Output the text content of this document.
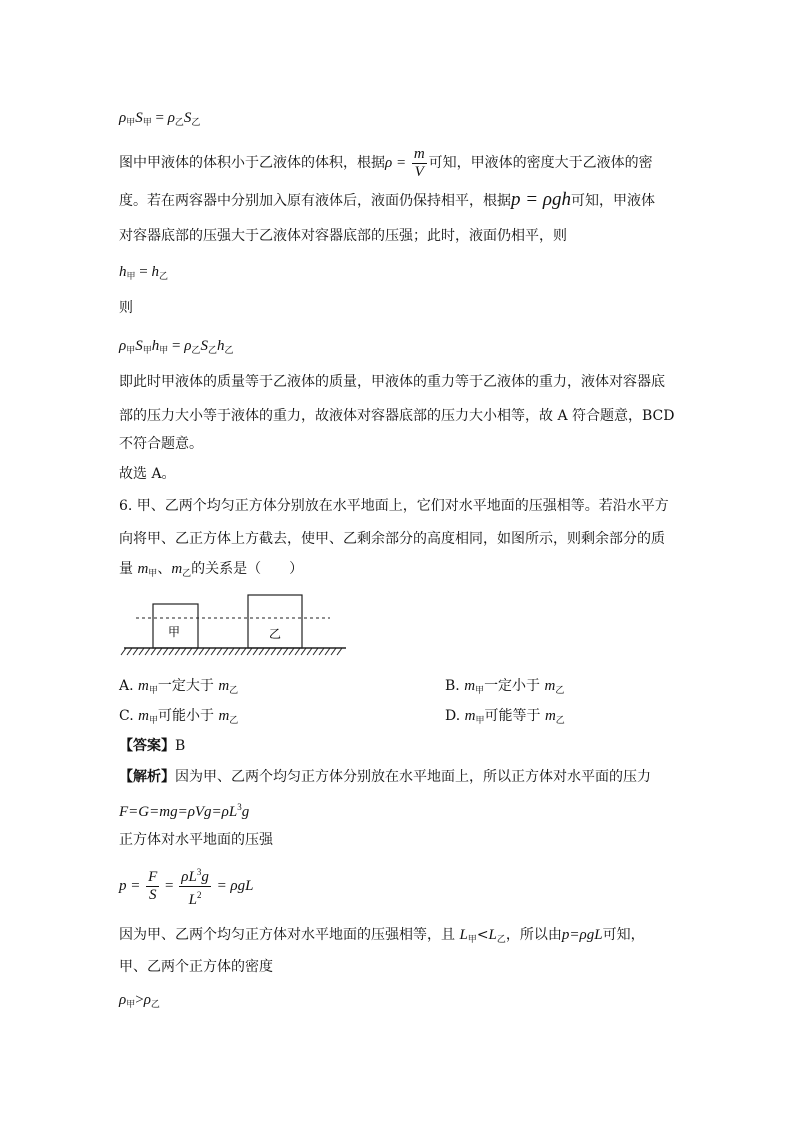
$\rho_甲S_甲 = \rho_乙S_乙$
图中甲液体的体积小于乙液体的体积，根据$\rho = \frac{m}{V}$ 可知，甲液体的密度大于乙液体的密
度。若在两容器中分别加入原有液体后，液面仍保持相平，根据p = ρgh可知，甲液体
对容器底部的压强大于乙液体对容器底部的压强；此时，液面仍相平，则
$h_甲 = h_乙$
则
$\rho_甲S_甲h_甲 = \rho_乙S_乙h_乙$
即此时甲液体的质量等于乙液体的质量，甲液体的重力等于乙液体的重力，液体对容器底
部的压力大小等于液体的重力，故液体对容器底部的压力大小相等，故 A 符合题意，BCD
不符合题意。
故选 A。
6. 甲、乙两个均匀正方体分别放在水平地面上，它们对水平地面的压强相等。若沿水平方
向将甲、乙正方体上方截去，使甲、乙剩余部分的高度相同，如图所示，则剩余部分的质
量 $m_甲$、$m_乙$的关系是（　　）
甲	乙
A. $m_甲$一定大于 $m_乙$	B. $m_甲$一定小于 $m_乙$
C. $m_甲$可能小于 $m_乙$	D. $m_甲$可能等于 $m_乙$
【答案】B
【解析】因为甲、乙两个均匀正方体分别放在水平地面上，所以正方体对水平面的压力
$F=G=mg=\rho Vg=\rho L^3g$
正方体对水平地面的压强
$p = \frac{F}{S} = \frac{\rho L^3g}{L^2} = \rho gL$
因为甲、乙两个均匀正方体对水平地面的压强相等，且 $L_甲<L_乙$，所以由p=ρgL可知，
甲、乙两个正方体的密度
$\rho_甲>\rho_乙$
